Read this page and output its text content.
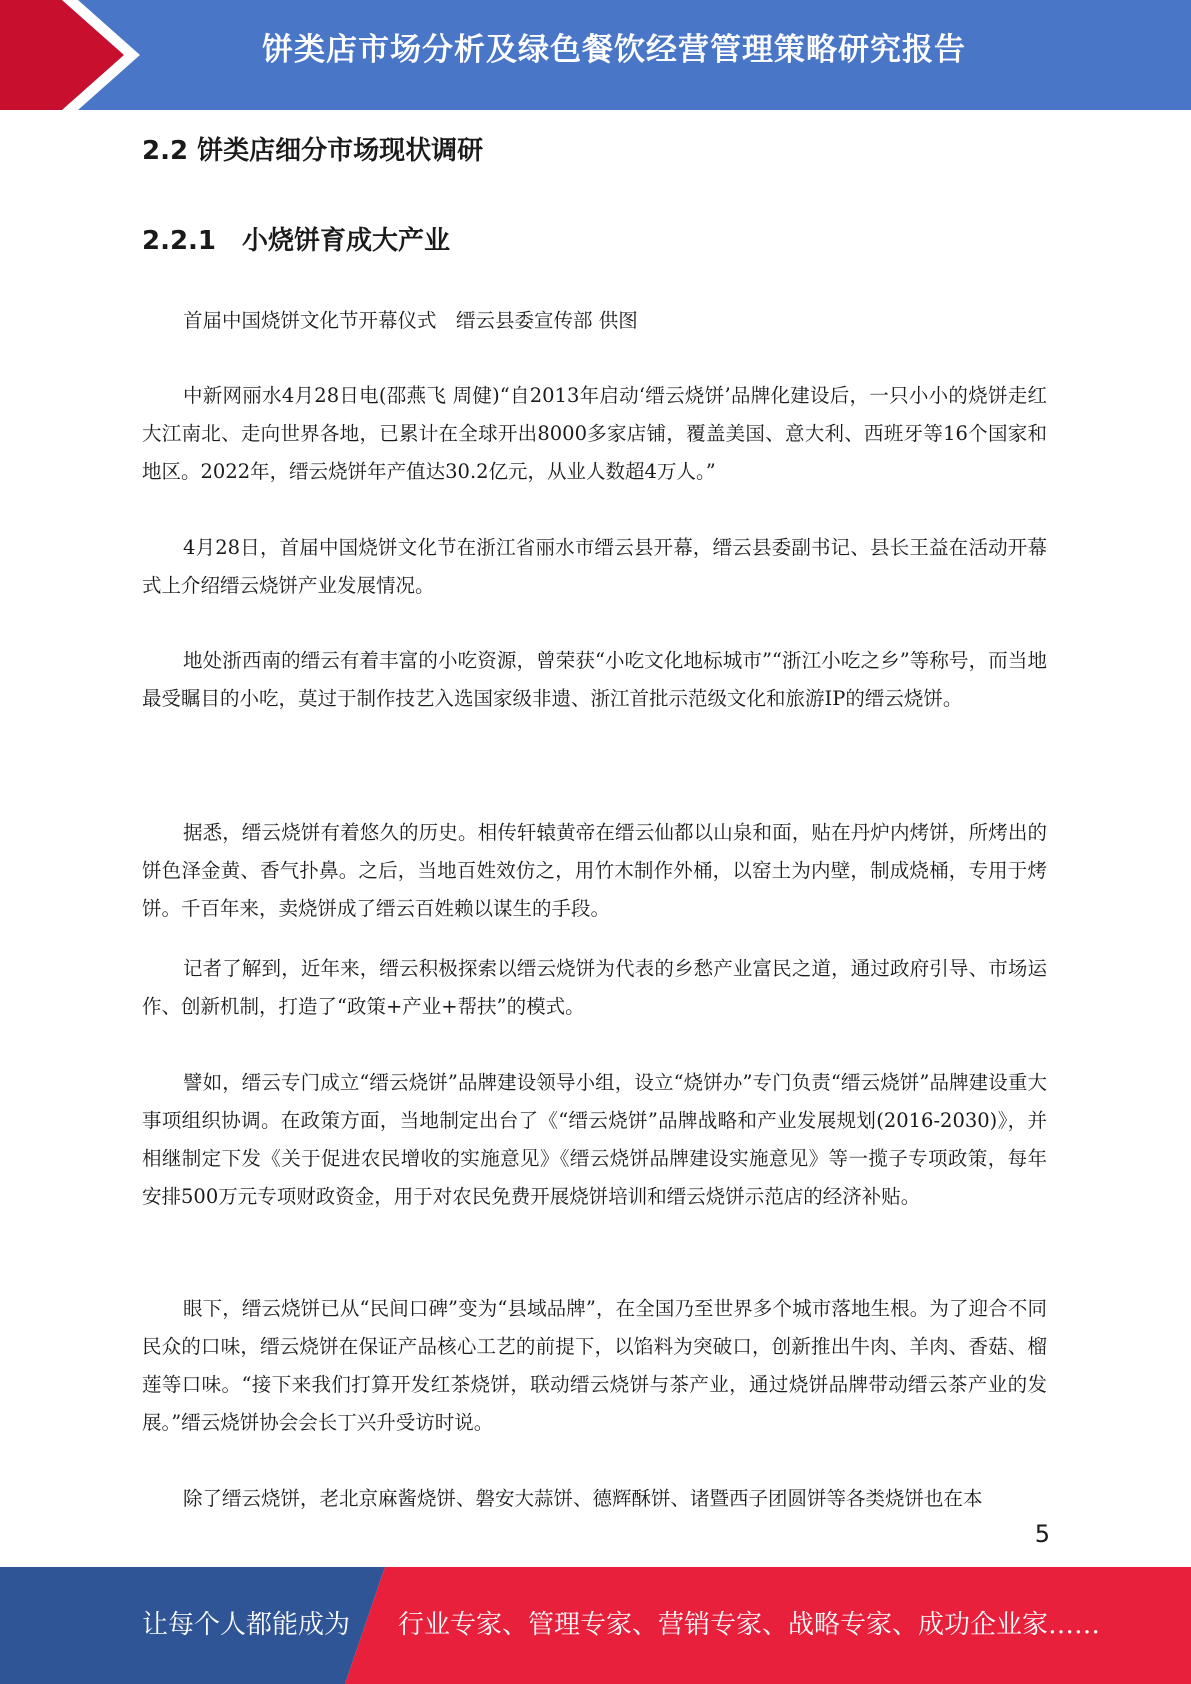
饼类店市场分析及绿色餐饮经营管理策略研究报告
2.2 饼类店细分市场现状调研
2.2.1　小烧饼育成大产业

首届中国烧饼文化节开幕仪式　缙云县委宣传部 供图

中新网丽水4月28日电(邵燕飞 周健)“自2013年启动‘缙云烧饼’品牌化建设后，一只小小的烧饼走红大江南北、走向世界各地，已累计在全球开出8000多家店铺，覆盖美国、意大利、西班牙等16个国家和地区。2022年，缙云烧饼年产值达30.2亿元，从业人数超4万人。”

4月28日，首届中国烧饼文化节在浙江省丽水市缙云县开幕，缙云县委副书记、县长王益在活动开幕式上介绍缙云烧饼产业发展情况。

地处浙西南的缙云有着丰富的小吃资源，曾荣获“小吃文化地标城市”“浙江小吃之乡”等称号，而当地最受瞩目的小吃，莫过于制作技艺入选国家级非遗、浙江首批示范级文化和旅游IP的缙云烧饼。

据悉，缙云烧饼有着悠久的历史。相传轩辕黄帝在缙云仙都以山泉和面，贴在丹炉内烤饼，所烤出的饼色泽金黄、香气扑鼻。之后，当地百姓效仿之，用竹木制作外桶，以窑土为内壁，制成烧桶，专用于烤饼。千百年来，卖烧饼成了缙云百姓赖以谋生的手段。

记者了解到，近年来，缙云积极探索以缙云烧饼为代表的乡愁产业富民之道，通过政府引导、市场运作、创新机制，打造了“政策+产业+帮扶”的模式。

譬如，缙云专门成立“缙云烧饼”品牌建设领导小组，设立“烧饼办”专门负责“缙云烧饼”品牌建设重大事项组织协调。在政策方面，当地制定出台了《“缙云烧饼”品牌战略和产业发展规划(2016-2030)》，并相继制定下发《关于促进农民增收的实施意见》《缙云烧饼品牌建设实施意见》等一揽子专项政策，每年安排500万元专项财政资金，用于对农民免费开展烧饼培训和缙云烧饼示范店的经济补贴。

眼下，缙云烧饼已从“民间口碑”变为“县域品牌”，在全国乃至世界多个城市落地生根。为了迎合不同民众的口味，缙云烧饼在保证产品核心工艺的前提下，以馅料为突破口，创新推出牛肉、羊肉、香菇、榴莲等口味。“接下来我们打算开发红茶烧饼，联动缙云烧饼与茶产业，通过烧饼品牌带动缙云茶产业的发展。”缙云烧饼协会会长丁兴升受访时说。

除了缙云烧饼，老北京麻酱烧饼、磐安大蒜饼、德辉酥饼、诸暨西子团圆饼等各类烧饼也在本

5
让每个人都能成为 行业专家、管理专家、营销专家、战略专家、成功企业家……
